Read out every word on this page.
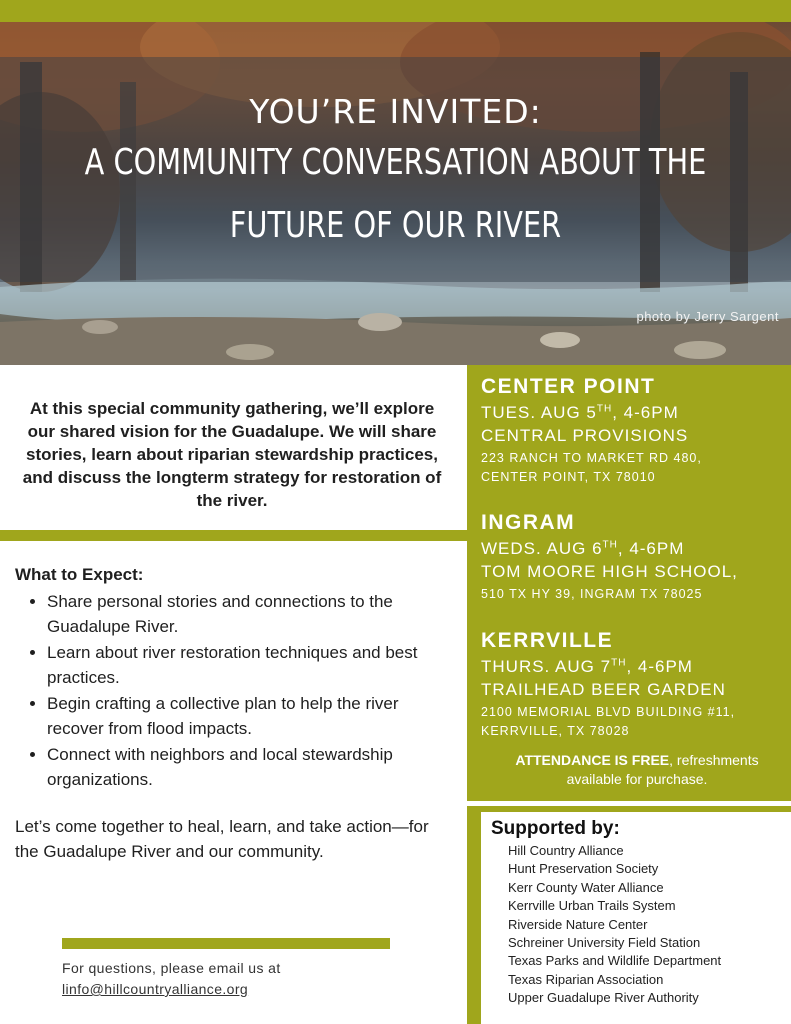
YOU’RE INVITED:
A COMMUNITY CONVERSATION ABOUT THE
FUTURE OF OUR RIVER
photo by Jerry Sargent
At this special community gathering, we’ll explore our shared vision for the Guadalupe. We will share stories, learn about riparian stewardship practices, and discuss the longterm strategy for restoration of the river.
What to Expect:
• Share personal stories and connections to the Guadalupe River.
• Learn about river restoration techniques and best practices.
• Begin crafting a collective plan to help the river recover from flood impacts.
• Connect with neighbors and local stewardship organizations.
Let’s come together to heal, learn, and take action—for the Guadalupe River and our community.
For questions, please email us at
linfo@hillcountryalliance.org
CENTER POINT
TUES. AUG 5TH, 4-6PM
CENTRAL PROVISIONS
223 RANCH TO MARKET RD 480,
CENTER POINT, TX 78010
INGRAM
WEDS. AUG 6TH, 4-6PM
TOM MOORE HIGH SCHOOL,
510 TX HY 39, INGRAM TX 78025
KERRVILLE
THURS. AUG 7TH, 4-6PM
TRAILHEAD BEER GARDEN
2100 MEMORIAL BLVD BUILDING #11,
KERRVILLE, TX 78028
ATTENDANCE IS FREE, refreshments available for purchase.
Supported by:
Hill Country Alliance
Hunt Preservation Society
Kerr County Water Alliance
Kerrville Urban Trails System
Riverside Nature Center
Schreiner University Field Station
Texas Parks and Wildlife Department
Texas Riparian Association
Upper Guadalupe River Authority
